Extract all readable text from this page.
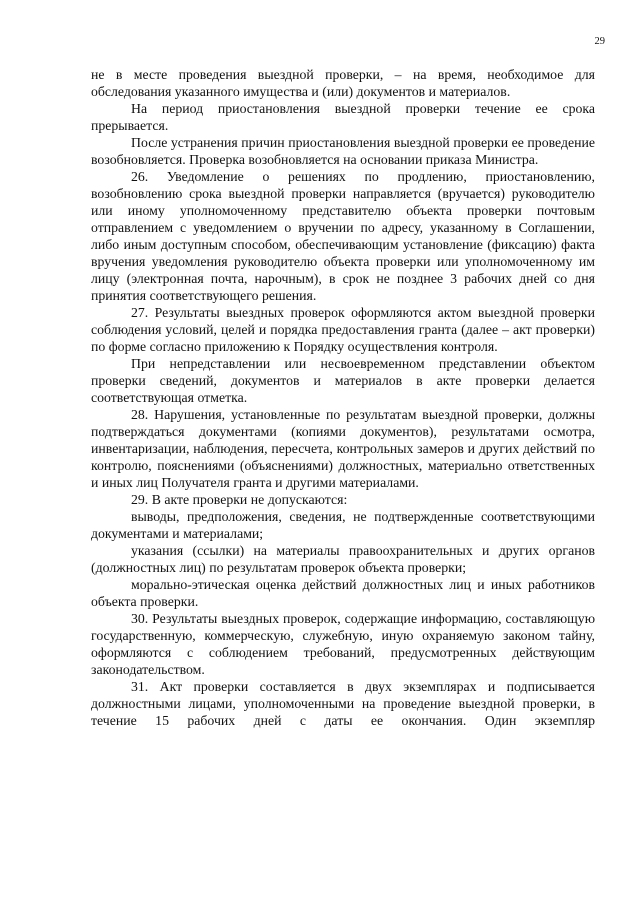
29

не в месте проведения выездной проверки, – на время, необходимое для обследования указанного имущества и (или) документов и материалов.

На период приостановления выездной проверки течение ее срока прерывается.

После устранения причин приостановления выездной проверки ее проведение возобновляется. Проверка возобновляется на основании приказа Министра.

26. Уведомление о решениях по продлению, приостановлению, возобновлению срока выездной проверки направляется (вручается) руководителю или иному уполномоченному представителю объекта проверки почтовым отправлением с уведомлением о вручении по адресу, указанному в Соглашении, либо иным доступным способом, обеспечивающим установление (фиксацию) факта вручения уведомления руководителю объекта проверки или уполномоченному им лицу (электронная почта, нарочным), в срок не позднее 3 рабочих дней со дня принятия соответствующего решения.

27. Результаты выездных проверок оформляются актом выездной проверки соблюдения условий, целей и порядка предоставления гранта (далее – акт проверки) по форме согласно приложению к Порядку осуществления контроля.

При непредставлении или несвоевременном представлении объектом проверки сведений, документов и материалов в акте проверки делается соответствующая отметка.

28. Нарушения, установленные по результатам выездной проверки, должны подтверждаться документами (копиями документов), результатами осмотра, инвентаризации, наблюдения, пересчета, контрольных замеров и других действий по контролю, пояснениями (объяснениями) должностных, материально ответственных и иных лиц Получателя гранта и другими материалами.

29. В акте проверки не допускаются:

выводы, предположения, сведения, не подтвержденные соответствующими документами и материалами;

указания (ссылки) на материалы правоохранительных и других органов (должностных лиц) по результатам проверок объекта проверки;

морально-этическая оценка действий должностных лиц и иных работников объекта проверки.

30. Результаты выездных проверок, содержащие информацию, составляющую государственную, коммерческую, служебную, иную охраняемую законом тайну, оформляются с соблюдением требований, предусмотренных действующим законодательством.

31. Акт проверки составляется в двух экземплярах и подписывается должностными лицами, уполномоченными на проведение выездной проверки, в течение 15 рабочих дней с даты ее окончания. Один экземпляр
